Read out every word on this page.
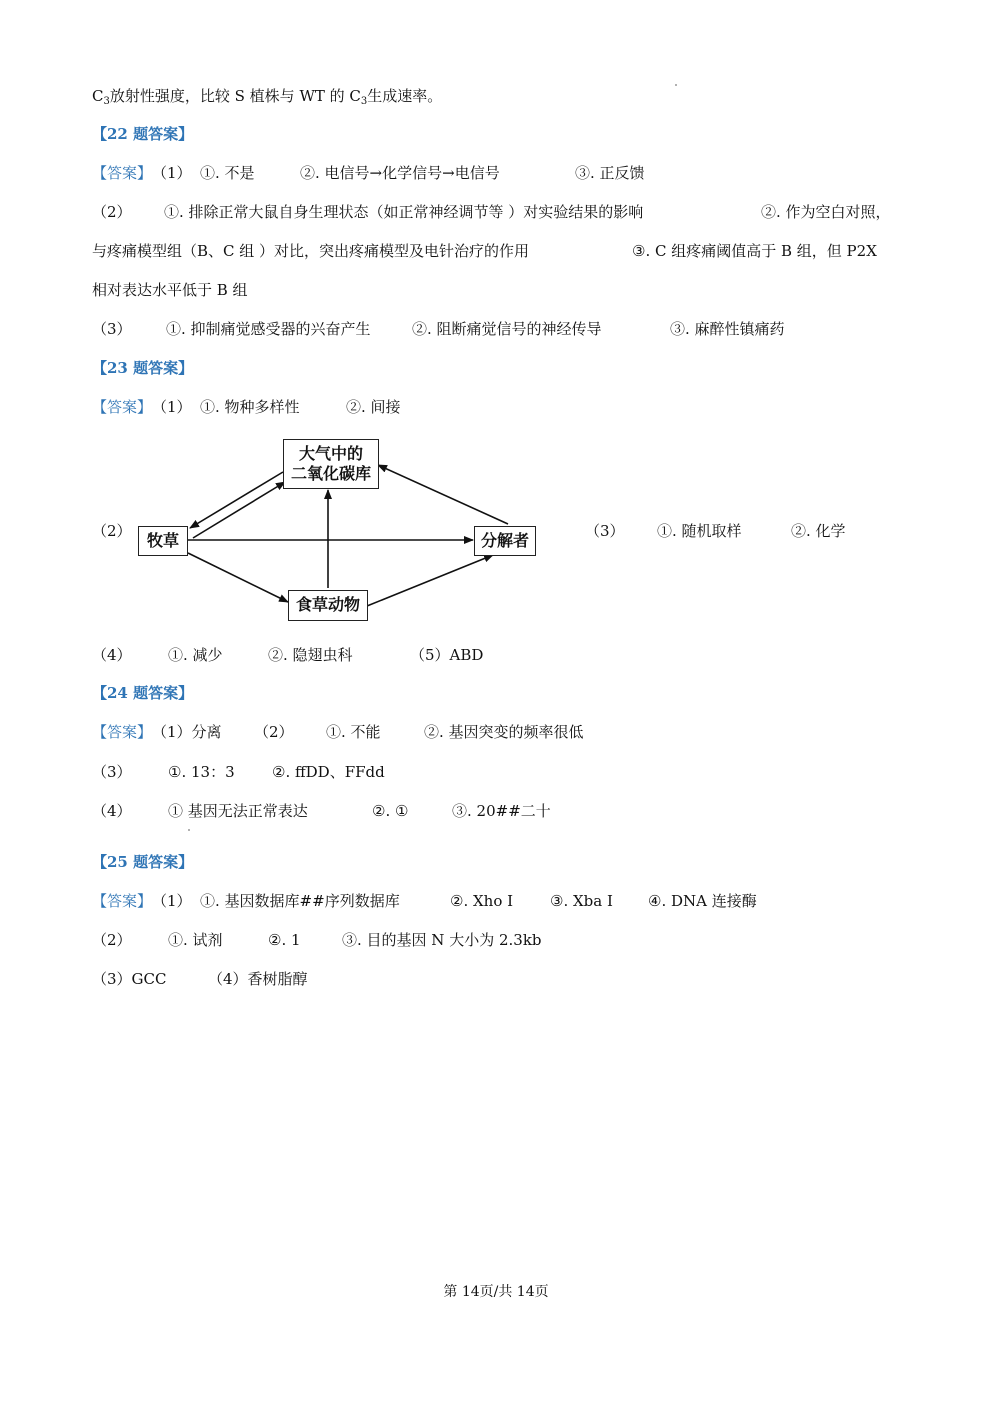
$C_3$放射性强度，比较 S 植株与 WT 的 $C_3$生成速率。
【22 题答案】
【答案】（1） ①. 不是	②. 电信号→化学信号→电信号	③. 正反馈
（2） ①. 排除正常大鼠自身生理状态（如正常神经调节等 ）对实验结果的影响	②. 作为空白对照，
与疼痛模型组（B、C 组 ）对比，突出疼痛模型及电针治疗的作用	③. C 组疼痛阈值高于 B 组，但 P2X
相对表达水平低于 B 组
（3） ①. 抑制痛觉感受器的兴奋产生	②. 阻断痛觉信号的神经传导	③. 麻醉性镇痛药
【23 题答案】
【答案】（1） ①. 物种多样性	②. 间接
（2）
大气中的
二氧化碳库
牧草	分解者
食草动物
（3） ①. 随机取样	②. 化学
（4） ①. 减少	②. 隐翅虫科	（5）ABD
【24 题答案】
【答案】（1）分离 （2） ①. 不能	②. 基因突变的频率很低
（3） ①. 13：3 ②. ffDD、FFdd
（4） ① 基因无法正常表达	②. ①	③. 20##二十
【25 题答案】
【答案】（1） ①. 基因数据库##序列数据库	②. Xho I ③. Xba I ④. DNA 连接酶
（2） ①. 试剂	②. 1	③. 目的基因 N 大小为 2.3kb
（3）GCC	（4）香树脂醇
第 14页/共 14页
